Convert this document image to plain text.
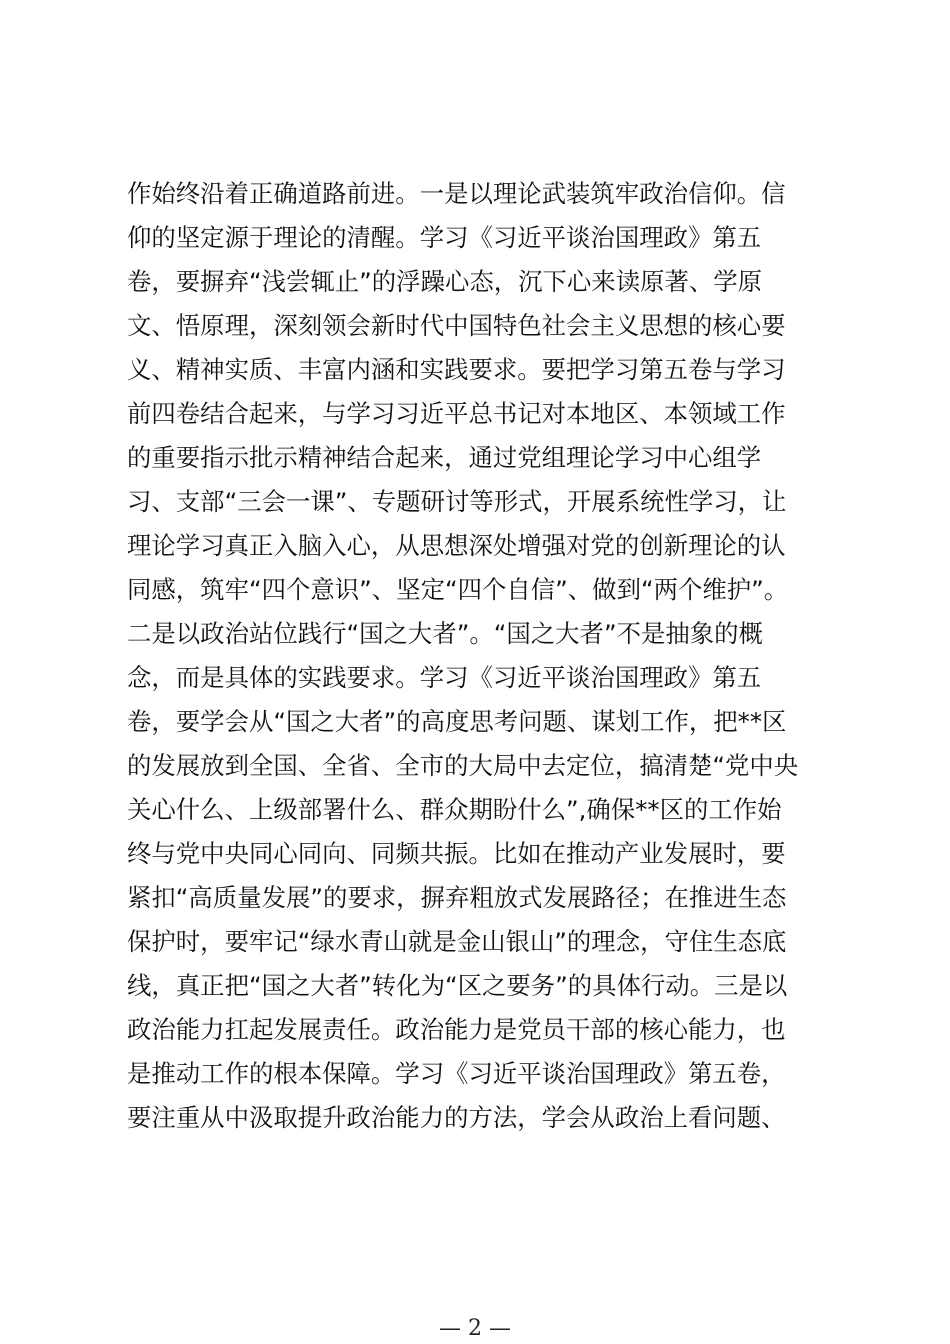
作始终沿着正确道路前进。一是以理论武装筑牢政治信仰。信
仰的坚定源于理论的清醒。学习《习近平谈治国理政》第五
卷，要摒弃“浅尝辄止”的浮躁心态，沉下心来读原著、学原
文、悟原理，深刻领会新时代中国特色社会主义思想的核心要
义、精神实质、丰富内涵和实践要求。要把学习第五卷与学习
前四卷结合起来，与学习习近平总书记对本地区、本领域工作
的重要指示批示精神结合起来，通过党组理论学习中心组学
习、支部“三会一课”、专题研讨等形式，开展系统性学习，让
理论学习真正入脑入心，从思想深处增强对党的创新理论的认
同感，筑牢“四个意识”、坚定“四个自信”、做到“两个维护”。
二是以政治站位践行“国之大者”。“国之大者”不是抽象的概
念，而是具体的实践要求。学习《习近平谈治国理政》第五
卷，要学会从“国之大者”的高度思考问题、谋划工作，把**区
的发展放到全国、全省、全市的大局中去定位，搞清楚“党中央
关心什么、上级部署什么、群众期盼什么”,确保**区的工作始
终与党中央同心同向、同频共振。比如在推动产业发展时，要
紧扣“高质量发展”的要求，摒弃粗放式发展路径；在推进生态
保护时，要牢记“绿水青山就是金山银山”的理念，守住生态底
线，真正把“国之大者”转化为“区之要务”的具体行动。三是以
政治能力扛起发展责任。政治能力是党员干部的核心能力，也
是推动工作的根本保障。学习《习近平谈治国理政》第五卷，
要注重从中汲取提升政治能力的方法，学会从政治上看问题、
— 2 —
